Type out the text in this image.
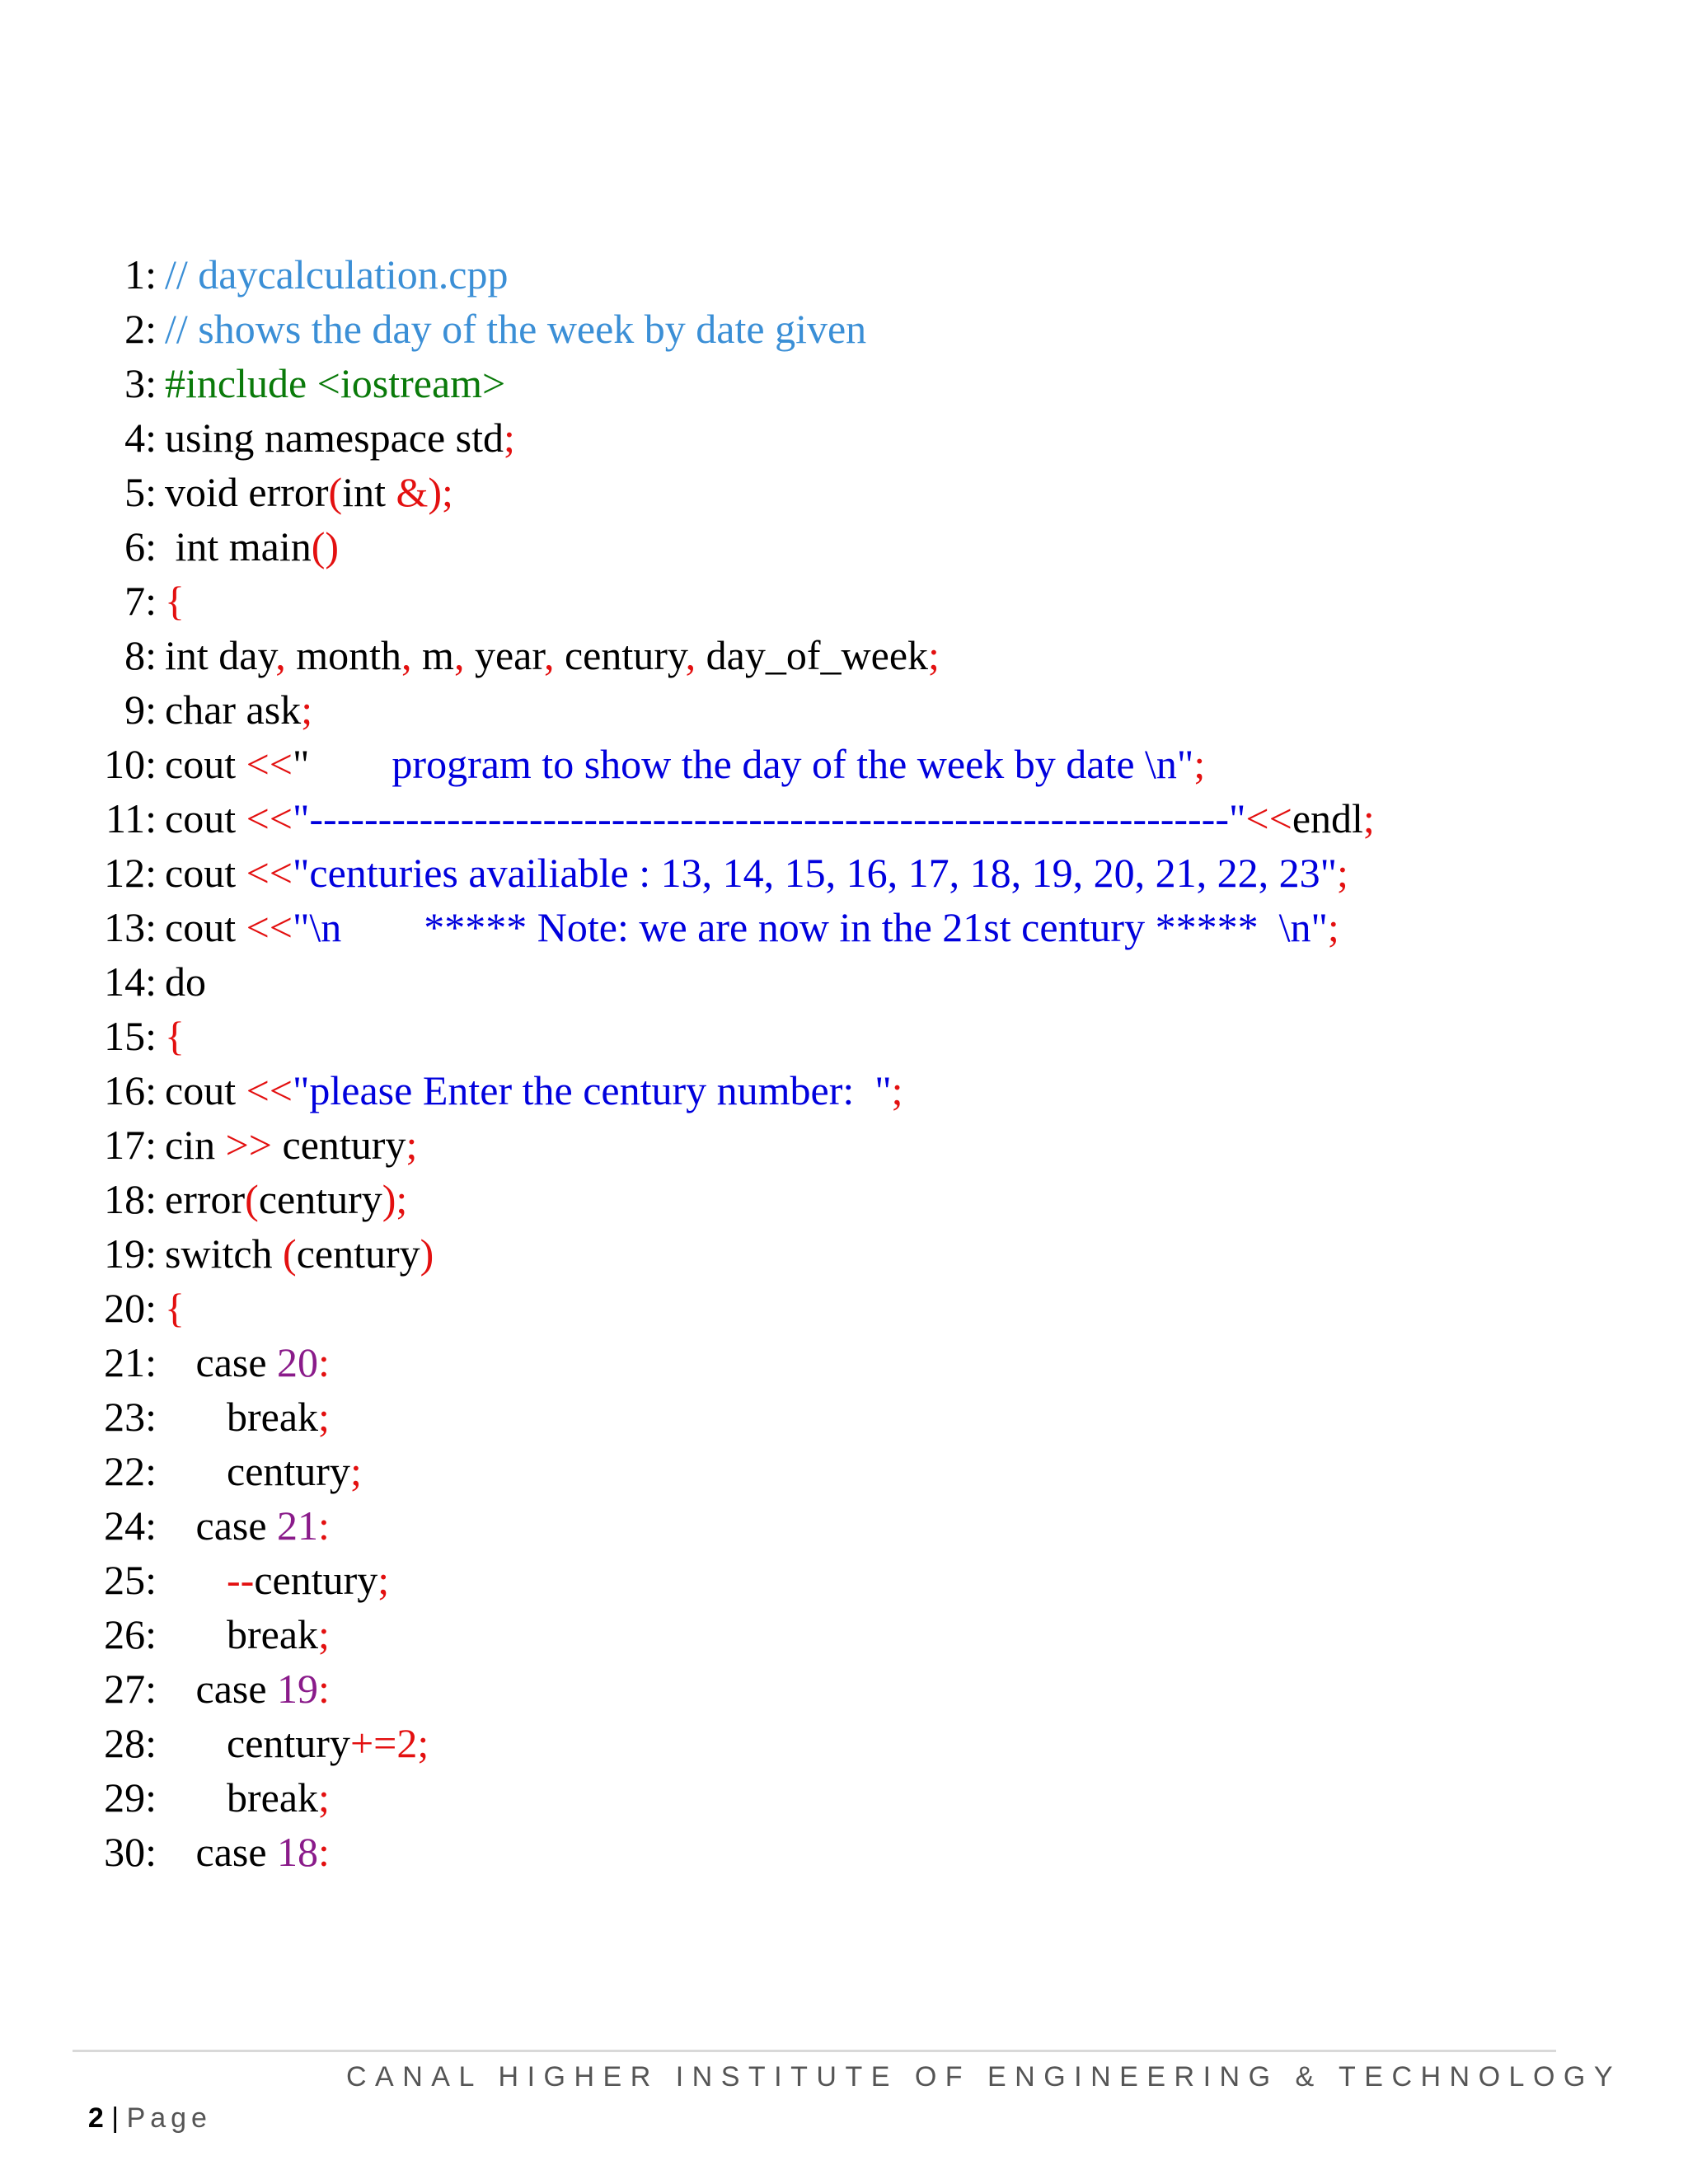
1: // daycalculation.cpp
2: // shows the day of the week by date given
3: #include <iostream>
4: using namespace std;
5: void error(int &);
6: int main()
7: {
8: int day, month, m, year, century, day_of_week;
9: char ask;
10: cout <<"        program to show the day of the week by date \n";
11: cout <<"-------------------------------------------------------------------"<<endl;
12: cout <<"centuries availiable : 13, 14, 15, 16, 17, 18, 19, 20, 21, 22, 23";
13: cout <<"\n        ***** Note: we are now in the 21st century *****  \n";
14: do
15: {
16: cout <<"please Enter the century number:  ";
17: cin >> century;
18: error(century);
19: switch (century)
20: {
21: case 20:
23: break;
22: century;
24: case 21:
25:	--century;
26: break;
27: case 19:
28: century+=2;
29: break;
30: case 18:

2 | Page

CANAL HIGHER INSTITUTE OF ENGINEERING & TECHNOLOGY
